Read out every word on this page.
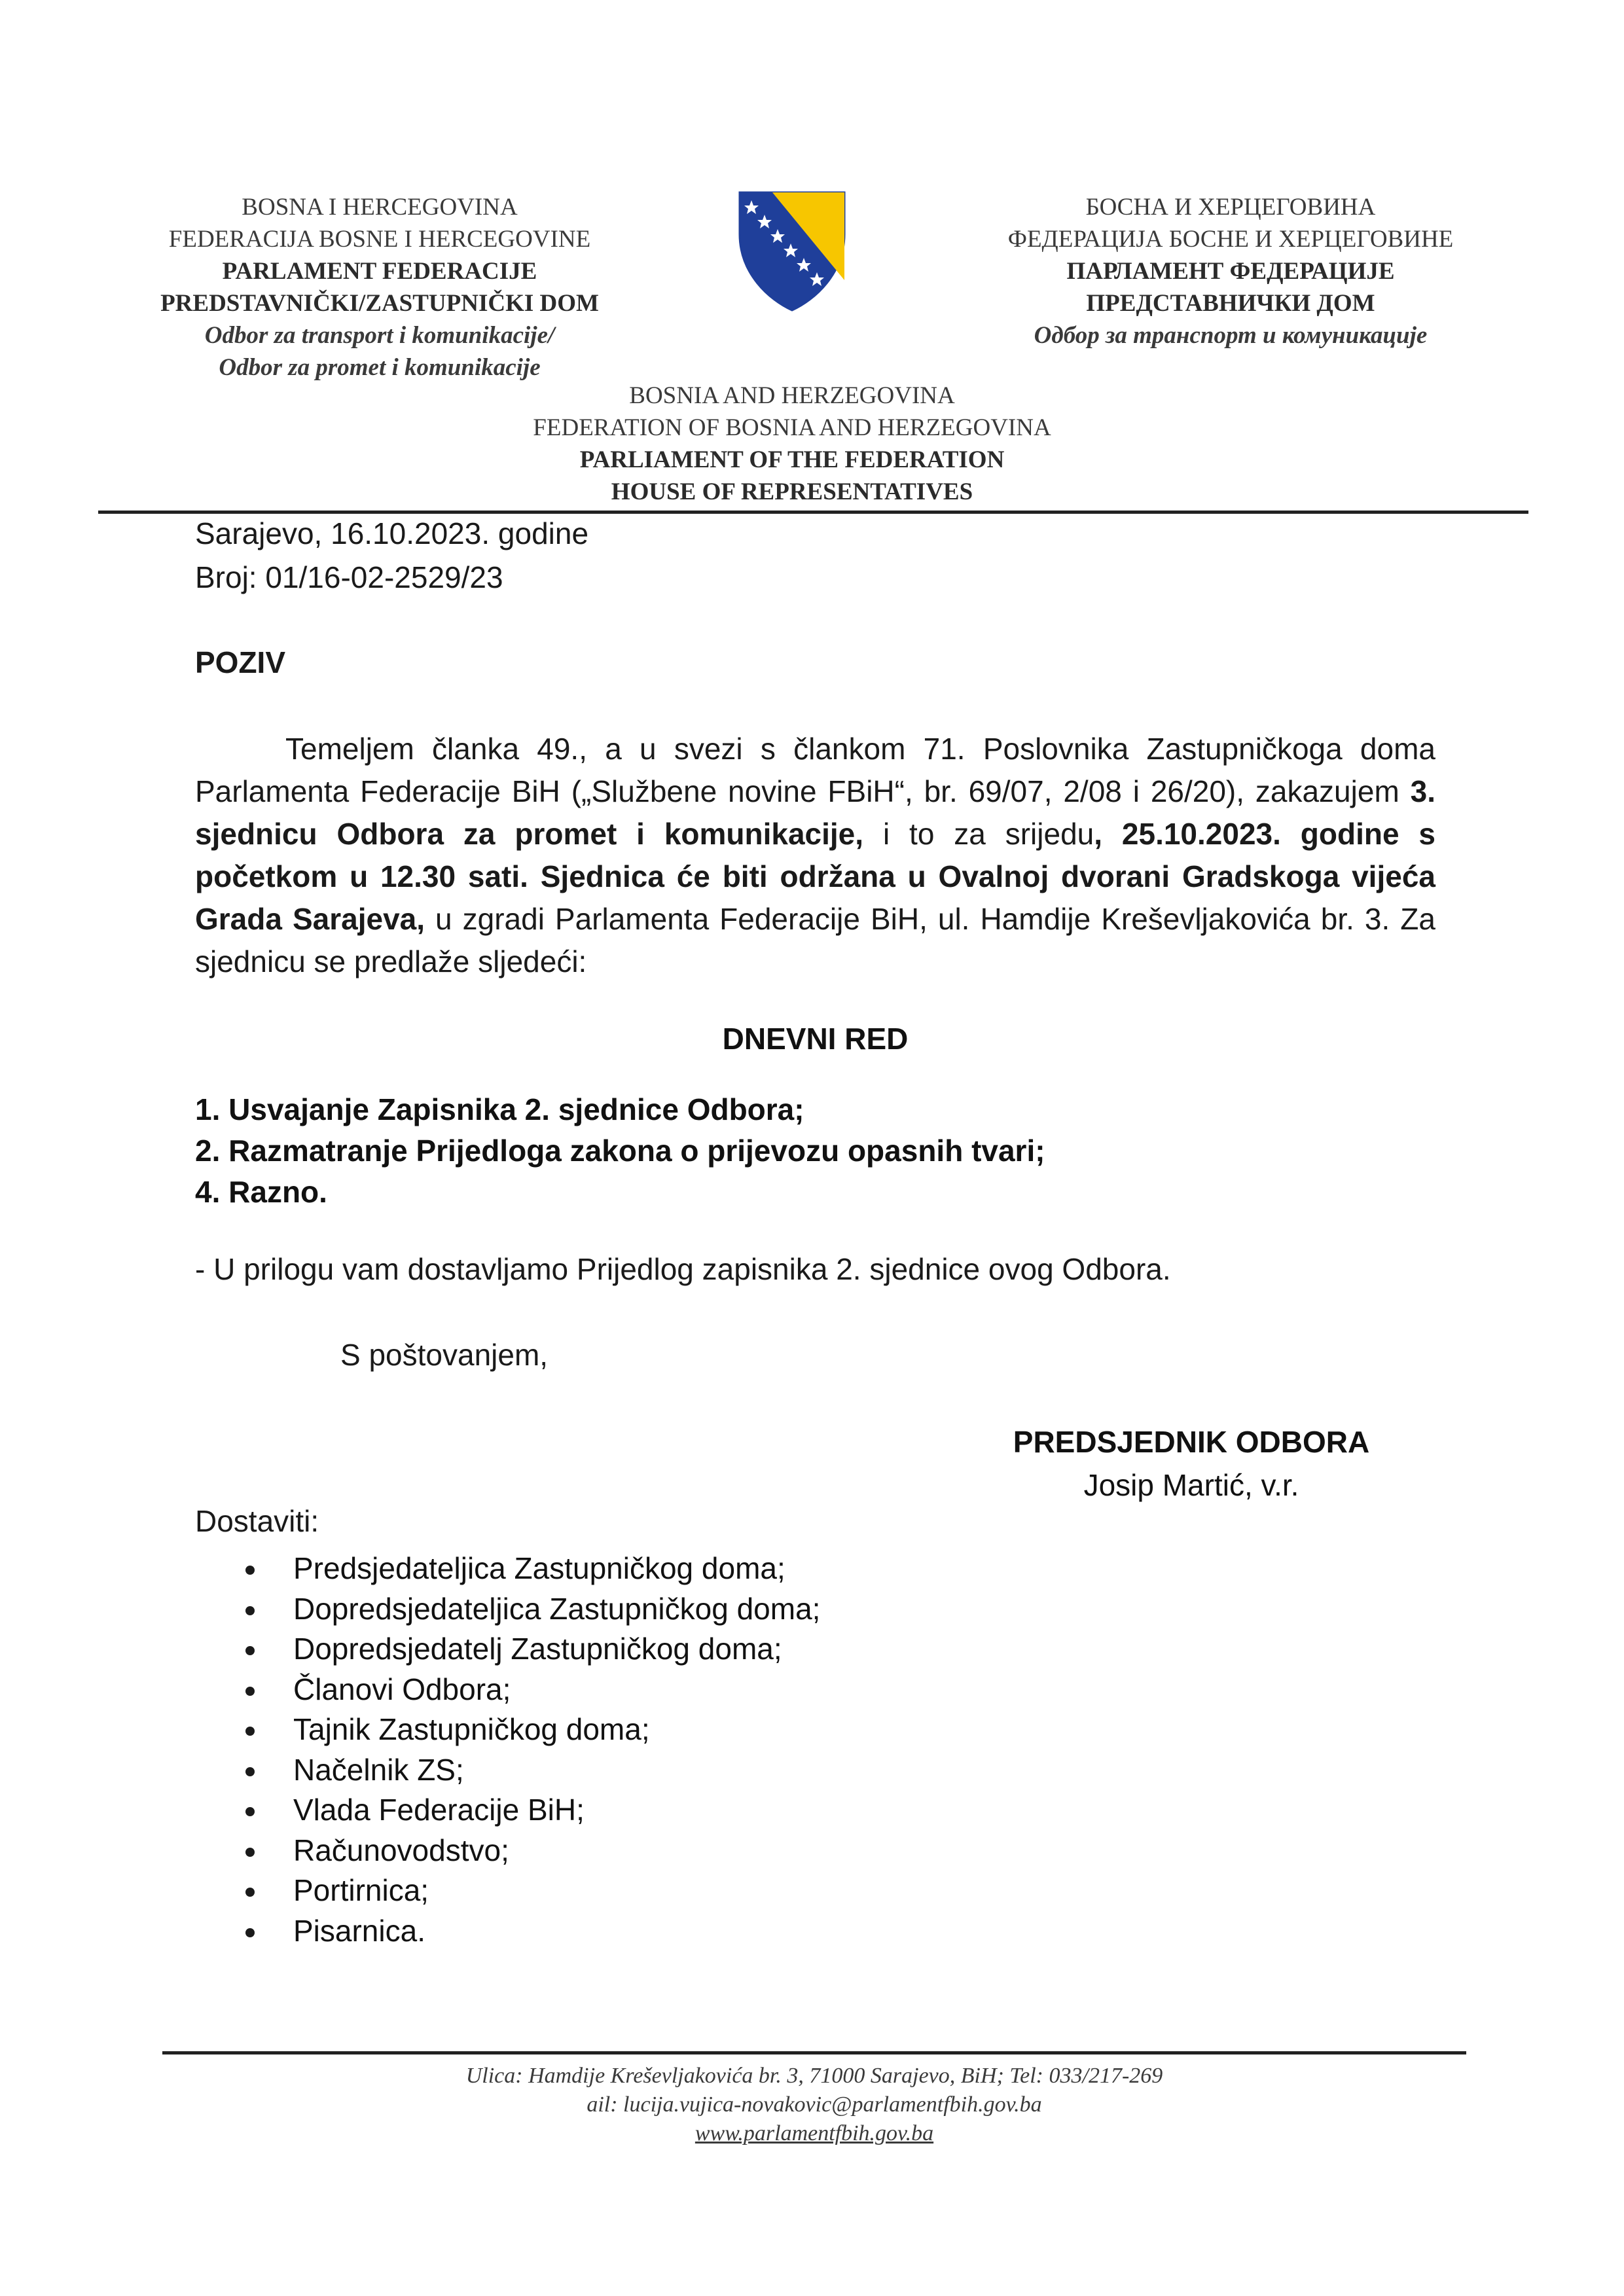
BOSNA I HERCEGOVINA
FEDERACIJA BOSNE I HERCEGOVINE
PARLAMENT FEDERACIJE
PREDSTAVNIČKI/ZASTUPNIČKI DOM
Odbor za transport i komunikacije/
Odbor za promet i komunikacije
БОСНА И ХЕРЦЕГОВИНА
ФЕДЕРАЦИЈА БОСНЕ И ХЕРЦЕГОВИНЕ
ПАРЛАМЕНТ ФЕДЕРАЦИЈЕ
ПРЕДСТАВНИЧКИ ДОМ
Одбор за транспорт и комуникације
BOSNIA AND HERZEGOVINA
FEDERATION OF BOSNIA AND HERZEGOVINA
PARLIAMENT OF THE FEDERATION
HOUSE OF REPRESENTATIVES
Sarajevo, 16.10.2023. godine
Broj: 01/16-02-2529/23
POZIV
Temeljem članka 49., a u svezi s člankom 71. Poslovnika Zastupničkoga doma Parlamenta Federacije BiH („Službene novine FBiH“, br. 69/07, 2/08 i 26/20), zakazujem 3. sjednicu Odbora za promet i komunikacije, i to za srijedu, 25.10.2023. godine s početkom u 12.30 sati. Sjednica će biti održana u Ovalnoj dvorani Gradskoga vijeća Grada Sarajeva, u zgradi Parlamenta Federacije BiH, ul. Hamdije Kreševljakovića br. 3. Za sjednicu se predlaže sljedeći:
DNEVNI RED
1. Usvajanje Zapisnika 2. sjednice Odbora;
2. Razmatranje Prijedloga zakona o prijevozu opasnih tvari;
4. Razno.
- U prilogu vam dostavljamo Prijedlog zapisnika 2. sjednice ovog Odbora.
S poštovanjem,
PREDSJEDNIK ODBORA
Josip Martić, v.r.
Dostaviti:
Predsjedateljica Zastupničkog doma;
Dopredsjedateljica Zastupničkog doma;
Dopredsjedatelj Zastupničkog doma;
Članovi Odbora;
Tajnik Zastupničkog doma;
Načelnik ZS;
Vlada Federacije BiH;
Računovodstvo;
Portirnica;
Pisarnica.
Ulica: Hamdije Kreševljakovića br. 3, 71000 Sarajevo, BiH; Tel: 033/217-269
ail: lucija.vujica-novakovic@parlamentfbih.gov.ba
www.parlamentfbih.gov.ba
